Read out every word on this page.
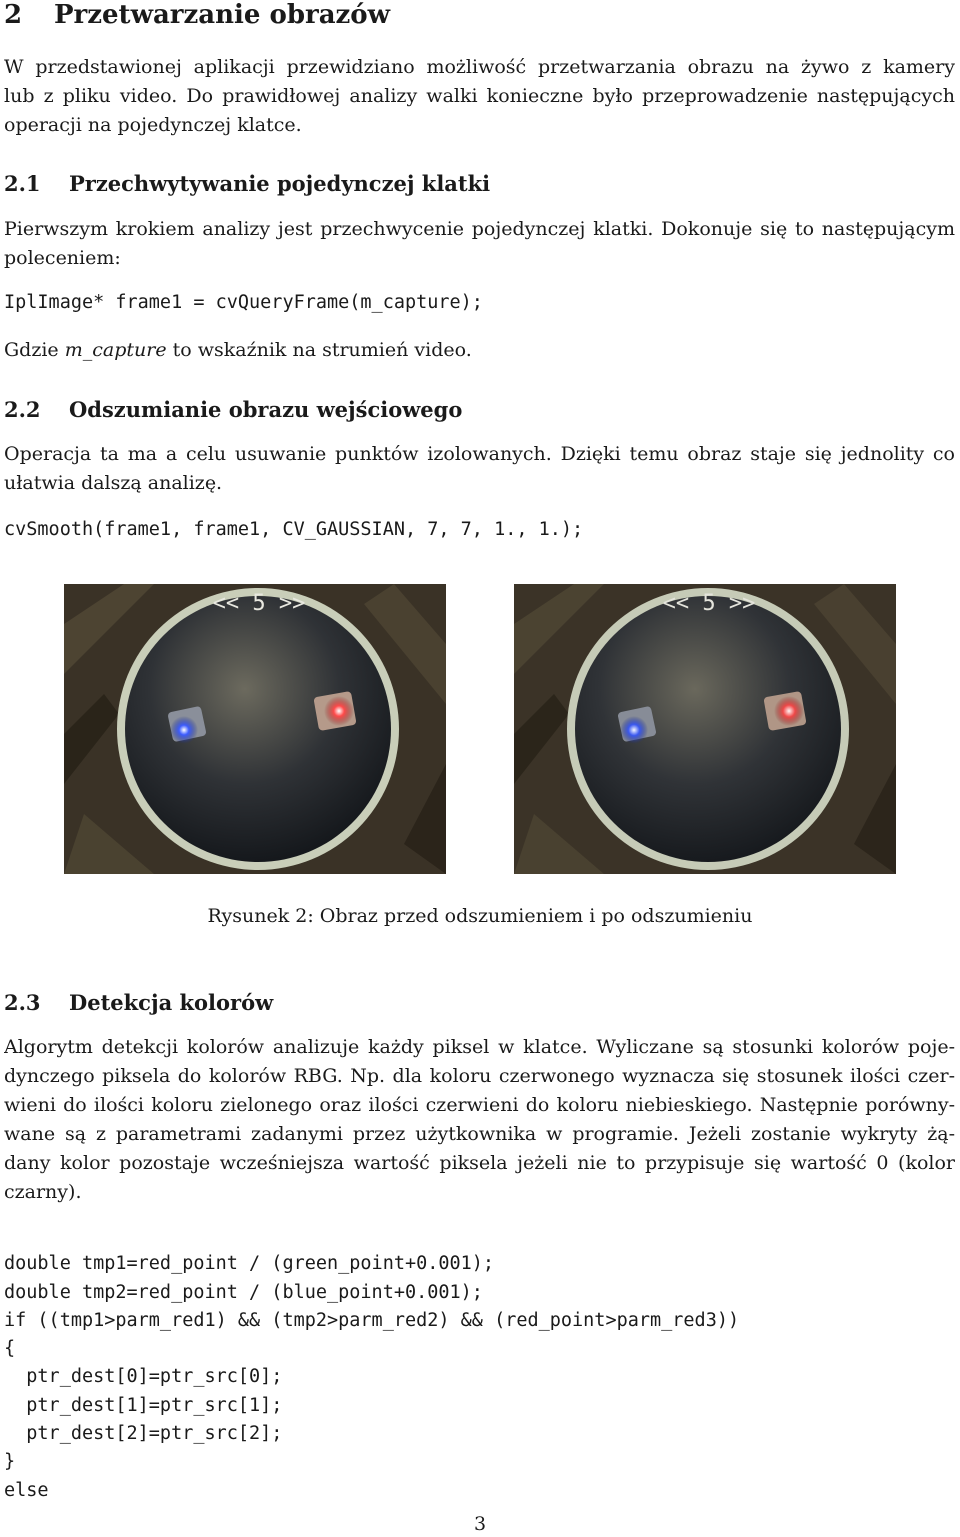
2 Przetwarzanie obrazów
W przedstawionej aplikacji przewidziano możliwość przetwarzania obrazu na żywo z kamery
lub z pliku video. Do prawidłowej analizy walki konieczne było przeprowadzenie następujących
operacji na pojedynczej klatce.
2.1 Przechwytywanie pojedynczej klatki
Pierwszym krokiem analizy jest przechwycenie pojedynczej klatki. Dokonuje się to następującym
poleceniem:
IplImage* frame1 = cvQueryFrame(m_capture);
Gdzie m_capture to wskaźnik na strumień video.
2.2 Odszumianie obrazu wejściowego
Operacja ta ma a celu usuwanie punktów izolowanych. Dzięki temu obraz staje się jednolity co
ułatwia dalszą analizę.
cvSmooth(frame1, frame1, CV_GAUSSIAN, 7, 7, 1., 1.);
<< 5 >>	<< 5 >>
Rysunek 2: Obraz przed odszumieniem i po odszumieniu
2.3 Detekcja kolorów
Algorytm detekcji kolorów analizuje każdy piksel w klatce. Wyliczane są stosunki kolorów poje-
dynczego piksela do kolorów RBG. Np. dla koloru czerwonego wyznacza się stosunek ilości czer-
wieni do ilości koloru zielonego oraz ilości czerwieni do koloru niebieskiego. Następnie porówny-
wane są z parametrami zadanymi przez użytkownika w programie. Jeżeli zostanie wykryty żą-
dany kolor pozostaje wcześniejsza wartość piksela jeżeli nie to przypisuje się wartość 0 (kolor
czarny).

double tmp1=red_point / (green_point+0.001);
double tmp2=red_point / (blue_point+0.001);
if ((tmp1>parm_red1) && (tmp2>parm_red2) && (red_point>parm_red3))
{
ptr_dest[0]=ptr_src[0];
ptr_dest[1]=ptr_src[1];
ptr_dest[2]=ptr_src[2];
}
else

3
